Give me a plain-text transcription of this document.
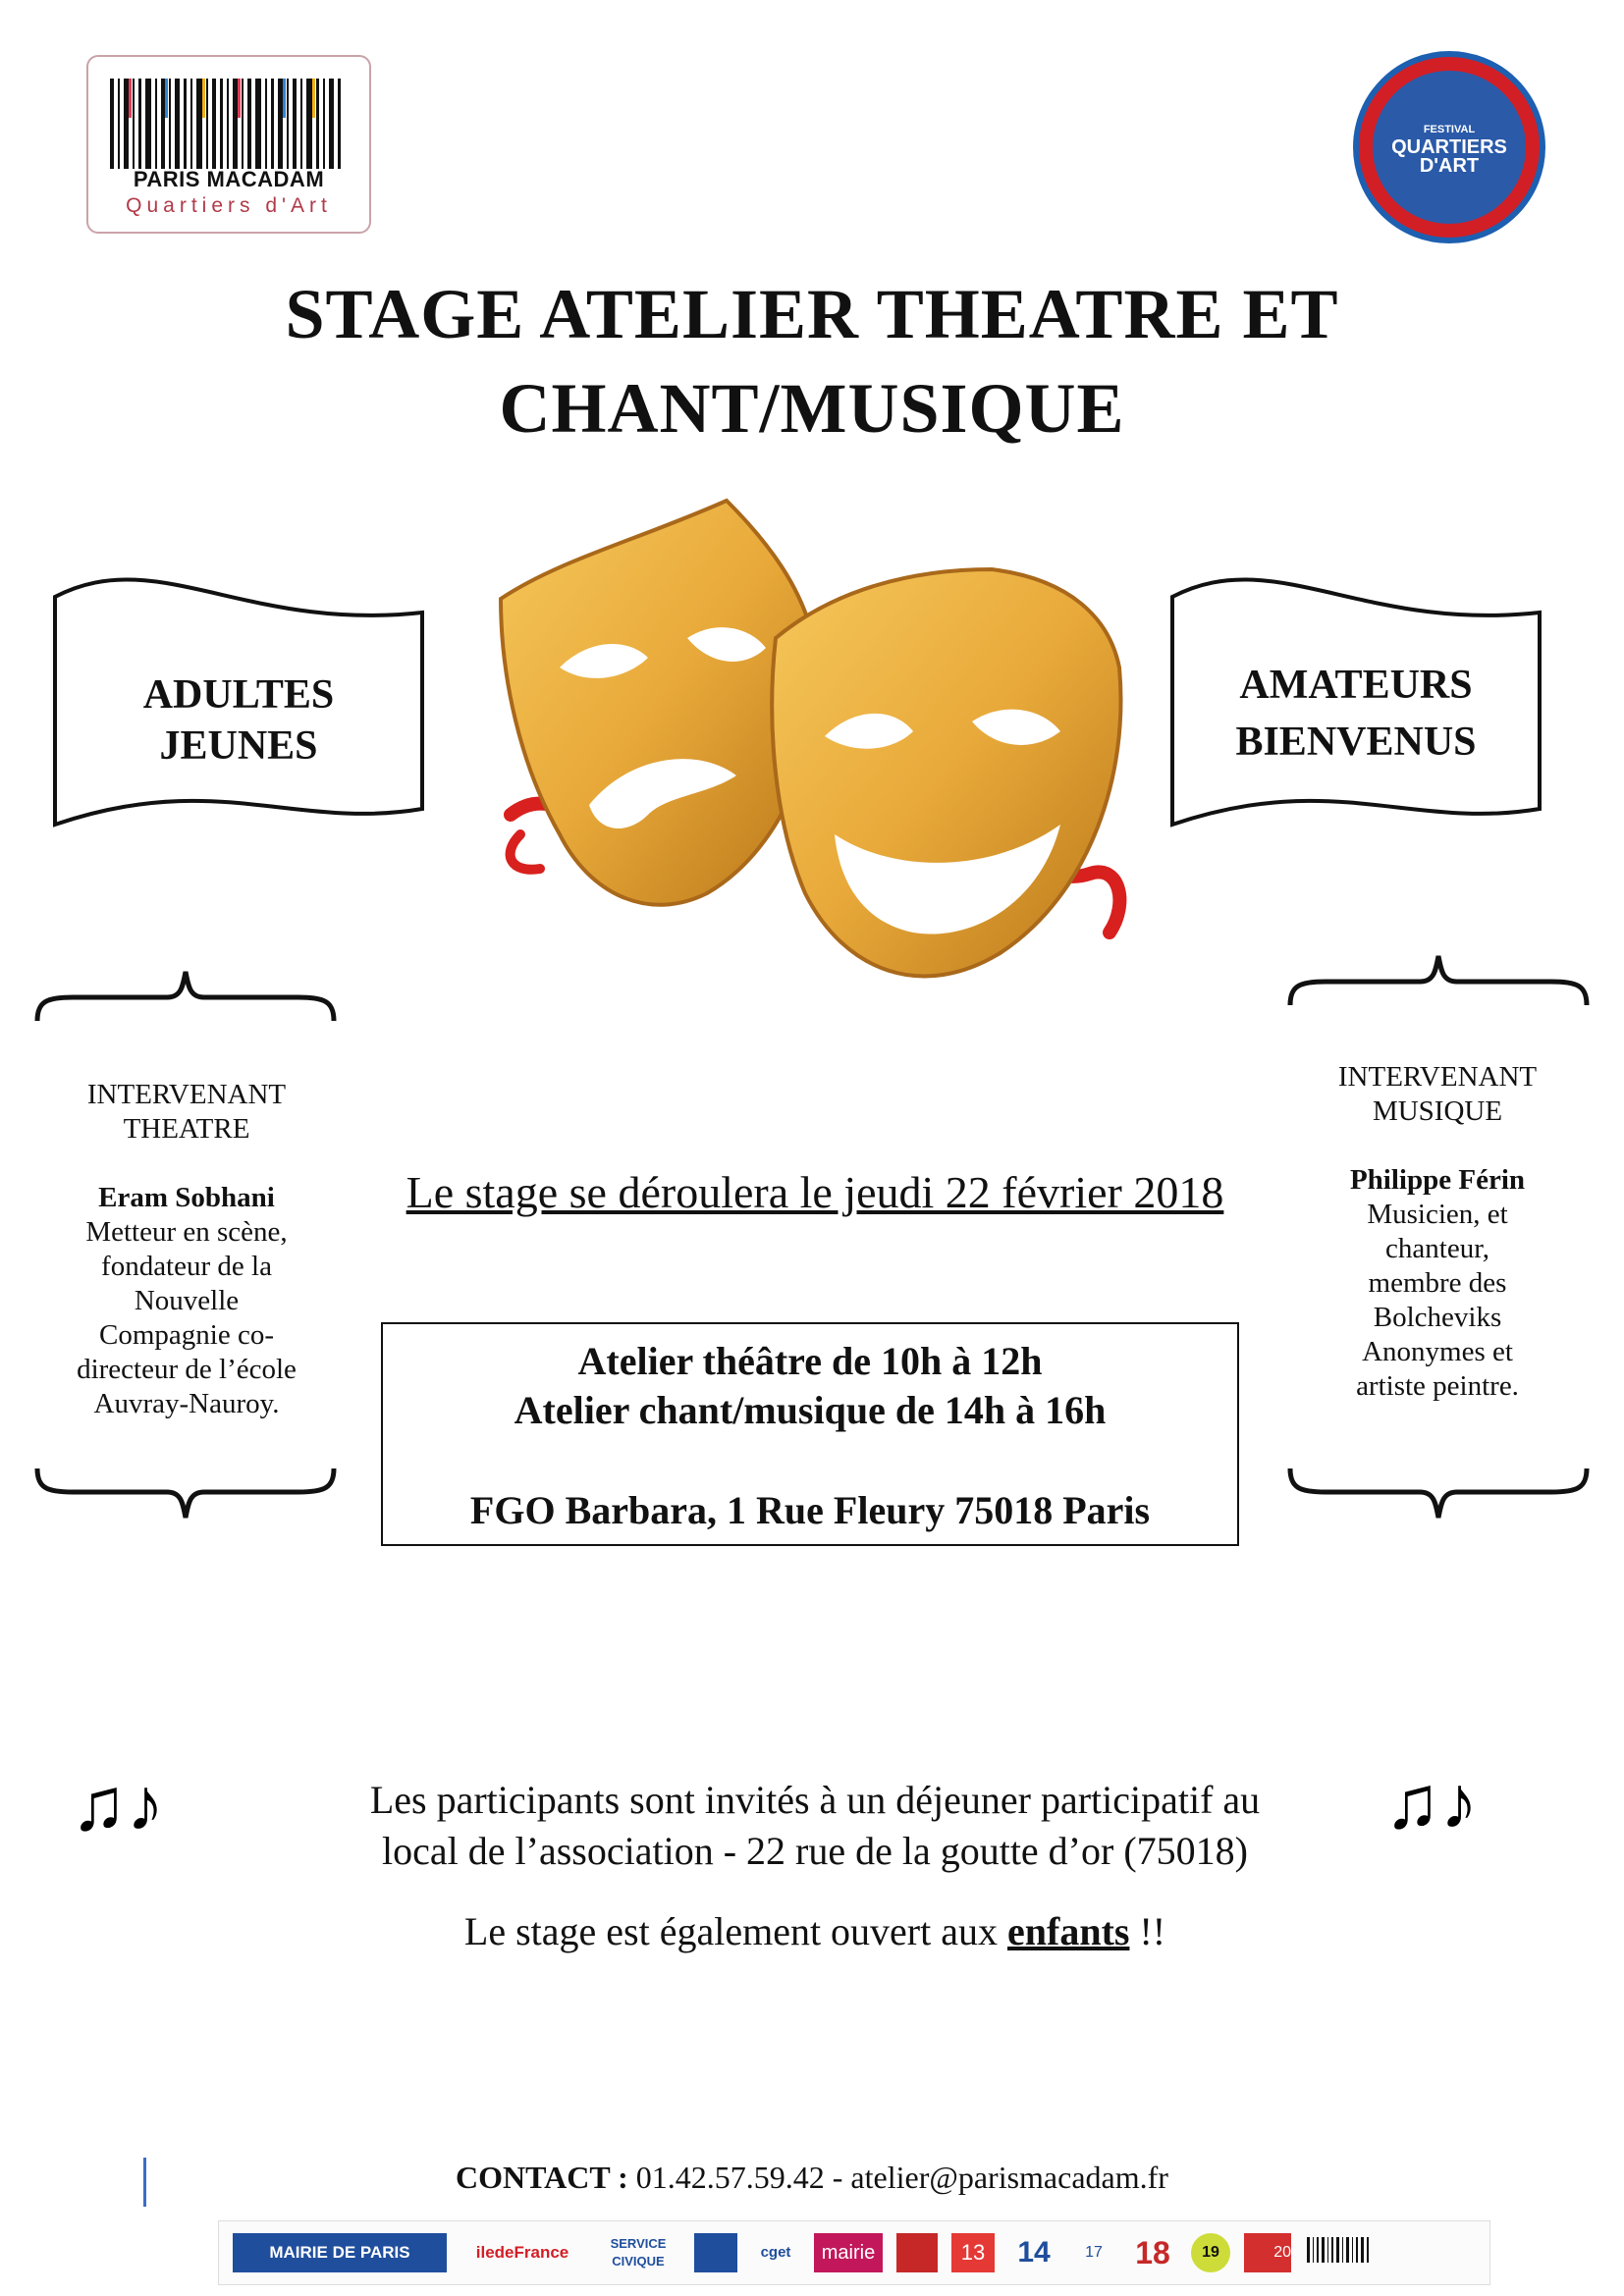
PARIS MACADAM
Quartiers d'Art
FESTIVAL
QUARTIERS
D'ART
STAGE ATELIER THEATRE ET
CHANT/MUSIQUE
ADULTES
JEUNES
AMATEURS
BIENVENUS
INTERVENANT
THEATRE
Eram Sobhani
Metteur en scène,
fondateur de la
Nouvelle
Compagnie co-
directeur de l’école
Auvray-Nauroy.
INTERVENANT
MUSIQUE
Philippe Férin
Musicien, et
chanteur,
membre des
Bolcheviks
Anonymes et
artiste peintre.
Le stage se déroulera le jeudi 22 février 2018
Atelier théâtre de 10h à 12h
Atelier chant/musique de 14h à 16h
FGO Barbara, 1 Rue Fleury 75018 Paris
♫♪	♫♪
Les participants sont invités à un déjeuner participatif au
local de l’association - 22 rue de la goutte d’or (75018)
Le stage est également ouvert aux enfants !!
CONTACT : 01.42.57.59.42 - atelier@parismacadam.fr
MAIRIE DE PARIS	iledeFrance	SERVICE CIVIQUE
cget	mairie	13	14	17	18	19	20
